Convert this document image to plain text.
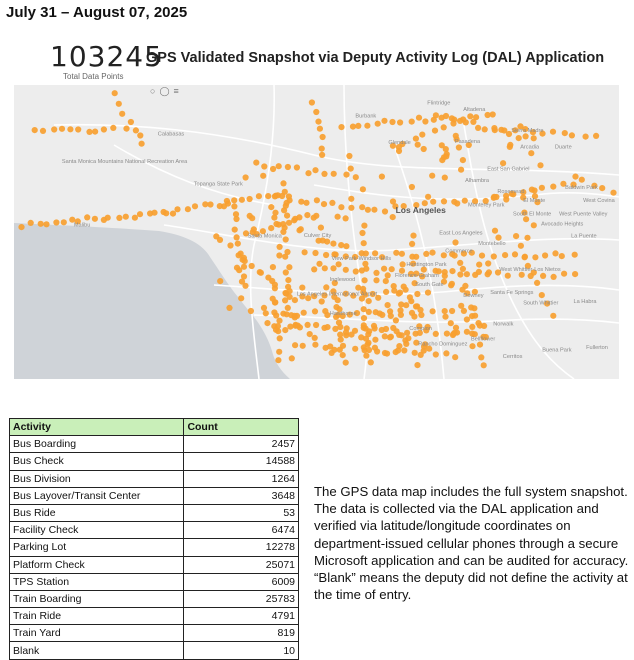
July 31 – August 07, 2025
103245
Total Data Points
GPS Validated Snapshot via Deputy Activity Log (DAL) Application
Calabasas
Burbank
Flintridge
Altadena
Sierra Madre
Glendale	Pasadena
Arcadia	Duarte
Santa Monica Mountains National Recreation Area
Alhambra
East San Gabriel
Rosemead
El Monte
Baldwin Park
West Covina
Topanga State Park
Monterey Park
Los Angeles	South El Monte West Puente Valley
Avocado Heights
Malibu
Santa Monica	Culver City	East Los Angeles
Montebello
La Puente
View Park-Windsor Hills
Commerce
Huntington Park
West Whittier-Los Nietos
Inglewood
Florence-Graham
South Gate
Santa Fe Springs
Downey
Los Angeles International Airport
La Habra
South Whittier
Hawthorne
Compton
Norwalk
Rancho Dominguez
Bellflower
Cerritos
Buena Park	Fullerton
○ ◯ ≡
Activity	Count
Bus Boarding	2457
Bus Check	14588
Bus Division	1264
Bus Layover/Transit Center	3648
Bus Ride	53
Facility Check	6474
Parking Lot	12278
Platform Check	25071
TPS Station	6009
Train Boarding	25783
Train Ride	4791
Train Yard	819
Blank	10
The GPS data map includes the full system snapshot. The data is collected via the DAL application and verified via latitude/longitude coordinates on department-issued cellular phones through a secure Microsoft application and can be audited for accuracy. “Blank” means the deputy did not define the activity at the time of entry.
